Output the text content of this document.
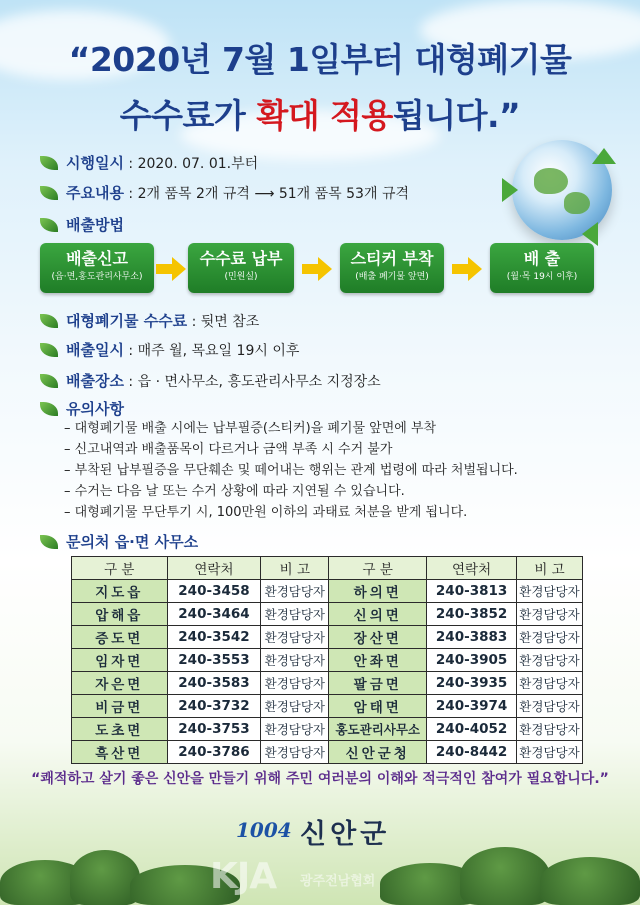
“2020년 7월 1일부터 대형폐기물
수수료가 확대 적용됩니다.”
시행일시
: 2020. 07. 01.부터
주요내용
: 2개 품목 2개 규격 ⟶ 51개 품목 53개 규격
배출방법
배출신고
(읍·면,홍도관리사무소)
수수료 납부
(민원실)
스티커 부착
(배출 폐기물 앞면)
배 출
(월·목 19시 이후)
대형폐기물 수수료
: 뒷면 참조
배출일시
: 매주 월, 목요일 19시 이후
배출장소
: 읍 · 면사무소, 흥도관리사무소 지정장소
유의사항
– 대형폐기물 배출 시에는 납부필증(스티커)을 폐기물 앞면에 부착
– 신고내역과 배출품목이 다르거나 금액 부족 시 수거 불가
– 부착된 납부필증을 무단훼손 및 떼어내는 행위는 관계 법령에 따라 처벌됩니다.
– 수거는 다음 날 또는 수거 상황에 따라 지연될 수 있습니다.
– 대형폐기물 무단투기 시, 100만원 이하의 과태료 처분을 받게 됩니다.
문의처 읍·면 사무소
구 분	연락처	비 고	구 분	연락처	비 고
지도읍	240-3458	환경담당자	하의면	240-3813	환경담당자
압해읍	240-3464	환경담당자	신의면	240-3852	환경담당자
증도면	240-3542	환경담당자	장산면	240-3883	환경담당자
임자면	240-3553	환경담당자	안좌면	240-3905	환경담당자
자은면	240-3583	환경담당자	팔금면	240-3935	환경담당자
비금면	240-3732	환경담당자	암태면	240-3974	환경담당자
도초면	240-3753	환경담당자	홍도관리사무소	240-4052	환경담당자
흑산면	240-3786	환경담당자	신안군청	240-8442	환경담당자
“쾌적하고 살기 좋은 신안을 만들기 위해 주민 여러분의 이해와 적극적인 참여가 필요합니다.”
1004 신안군
KJA 광주전남협회
